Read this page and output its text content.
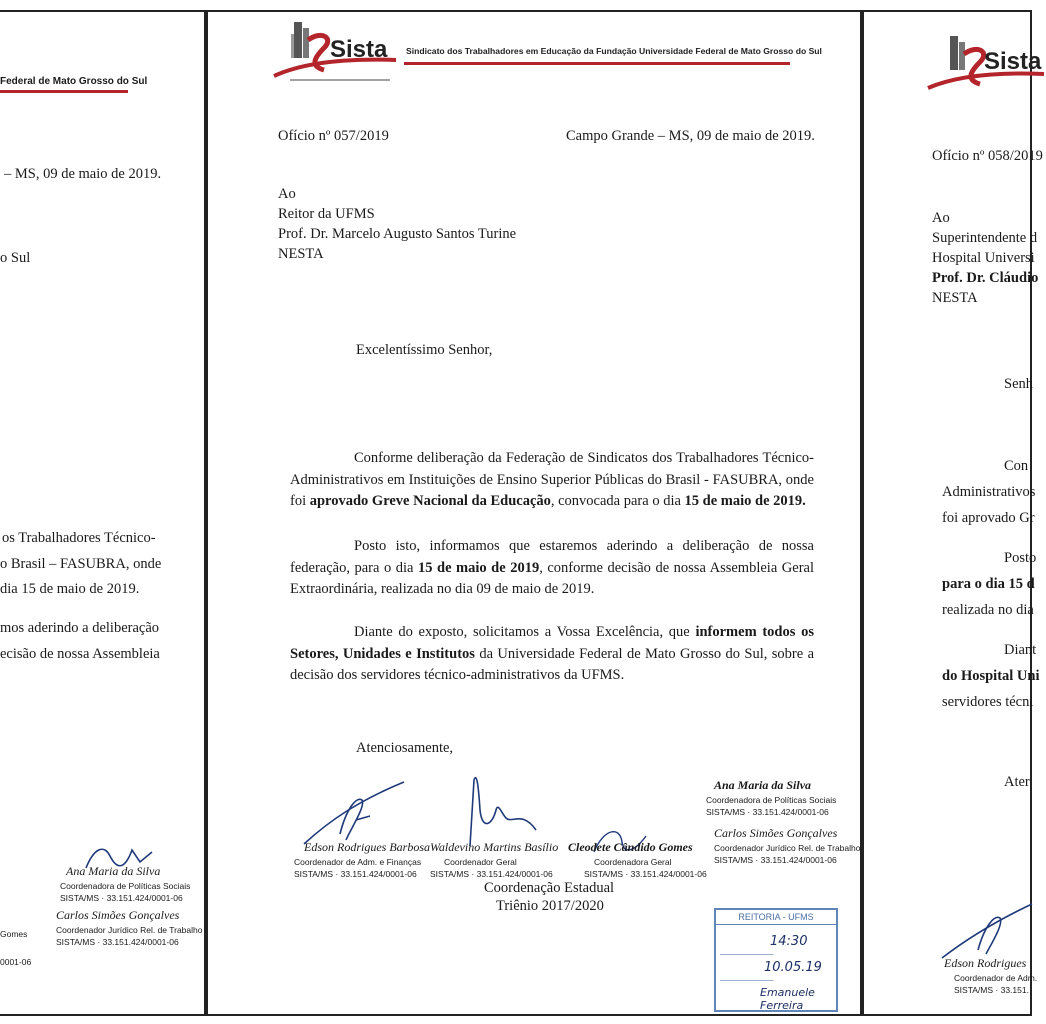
Federal de Mato Grosso do Sul
– MS, 09 de maio de 2019.
o Sul
os Trabalhadores Técnico-
o Brasil – FASUBRA, onde
dia 15 de maio de 2019.
mos aderindo a deliberação
ecisão de nossa Assembleia
Ana Maria da Silva
Coordenadora de Políticas Sociais
SISTA/MS · 33.151.424/0001-06
Carlos Simões Gonçalves
Coordenador Jurídico Rel. de Trabalho
SISTA/MS · 33.151.424/0001-06
Gomes
0001-06
Sista Sindicato dos Trabalhadores em Educação da Fundação Universidade Federal de Mato Grosso do Sul
Ofício nº 057/2019	Campo Grande – MS, 09 de maio de 2019.
Ao
Reitor da UFMS
Prof. Dr. Marcelo Augusto Santos Turine
NESTA
Excelentíssimo Senhor,
Conforme deliberação da Federação de Sindicatos dos Trabalhadores Técnico-Administrativos em Instituições de Ensino Superior Públicas do Brasil - FASUBRA, onde foi aprovado Greve Nacional da Educação, convocada para o dia 15 de maio de 2019.
Posto isto, informamos que estaremos aderindo a deliberação de nossa federação, para o dia 15 de maio de 2019, conforme decisão de nossa Assembleia Geral Extraordinária, realizada no dia 09 de maio de 2019.
Diante do exposto, solicitamos a Vossa Excelência, que informem todos os Setores, Unidades e Institutos da Universidade Federal de Mato Grosso do Sul, sobre a decisão dos servidores técnico-administrativos da UFMS.
Atenciosamente,
Edson Rodrigues Barbosa
Coordenador de Adm. e Finanças
SISTA/MS · 33.151.424/0001-06
Waldevino Martins Basílio
Coordenador Geral
SISTA/MS · 33.151.424/0001-06
Cleodete Cândido Gomes
Coordenadora Geral
SISTA/MS · 33.151.424/0001-06
Ana Maria da Silva
Coordenadora de Políticas Sociais
SISTA/MS · 33.151.424/0001-06
Carlos Simões Gonçalves
Coordenador Jurídico Rel. de Trabalho
SISTA/MS · 33.151.424/0001-06
Coordenação Estadual
Triênio 2017/2020
REITORIA - UFMS
____________
14:30
____________
10.05.19
Emanuele Ferreira
Sista
Ofício nº 058/2019
Ao
Superintendente d
Hospital Universi
Prof. Dr. Cláudio
NESTA
Senh
Con
Administrativos
foi aprovado Gr
Posto
para o dia 15 d
realizada no dia
Diant
do Hospital Uni
servidores técni
Ater
Edson Rodrigues
Coordenador de Adm.
SISTA/MS · 33.151.
